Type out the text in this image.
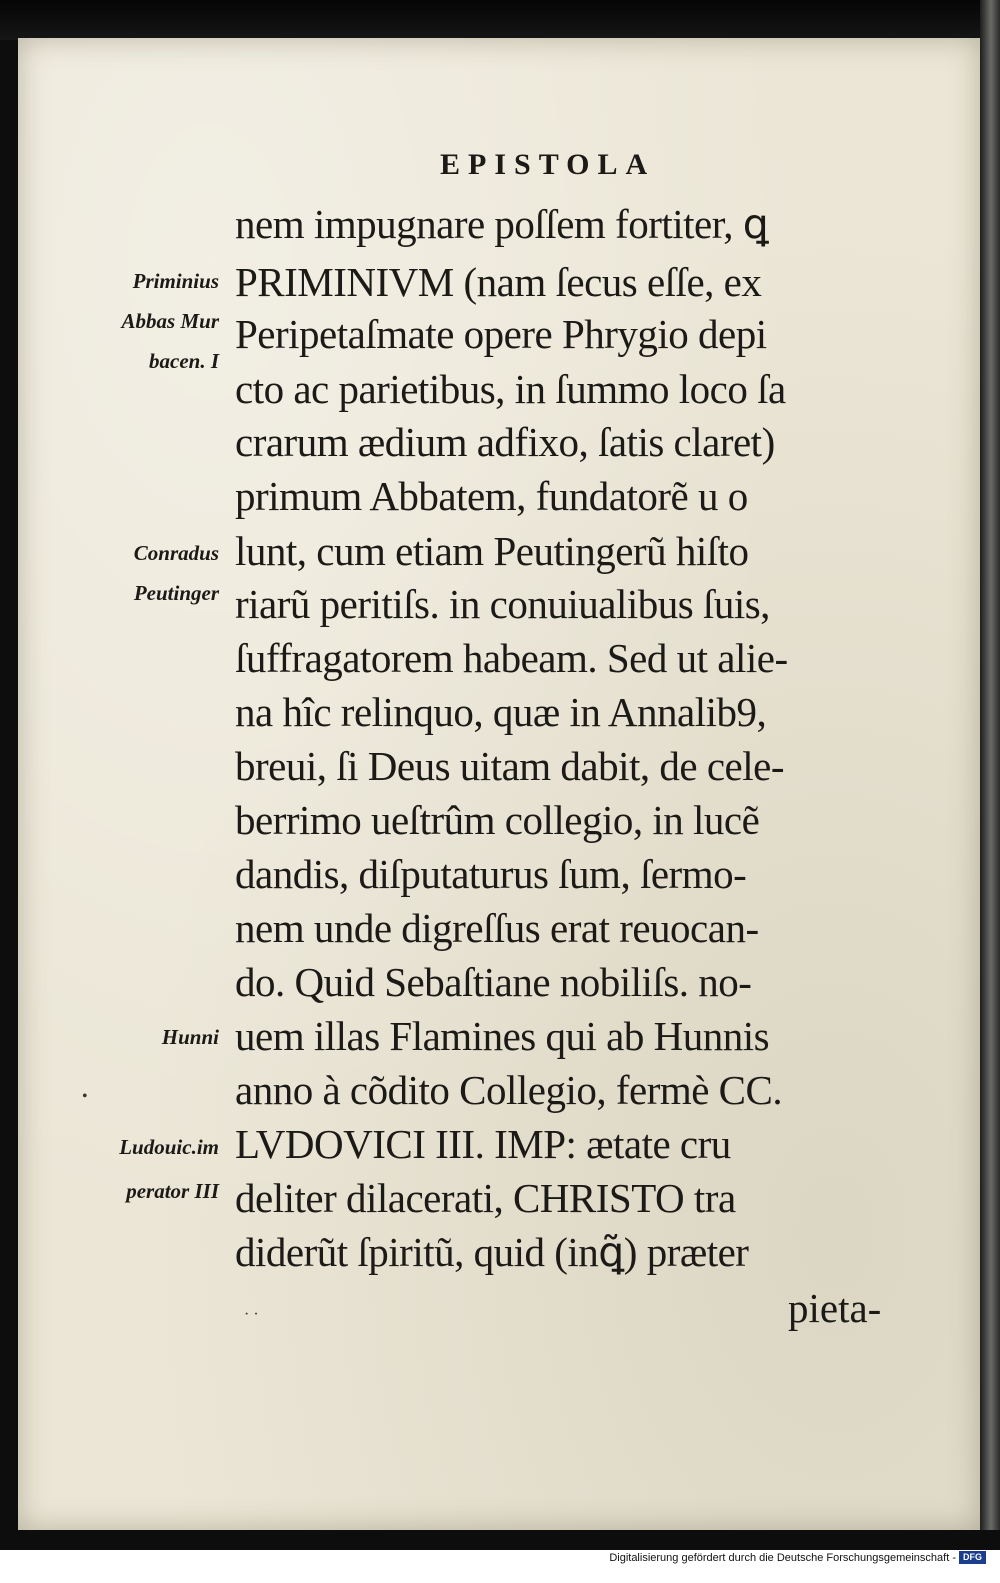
EPISTOLA
nem impugnare poſſem fortiter, ꝗ
PRIMINIVM (nam ſecus eſſe, ex
Peripetaſmate opere Phrygio depi
cto ac parietibus, in ſummo loco ſa
crarum ædium adfixo, ſatis claret)
primum Abbatem, fundatorẽ u o
lunt, cum etiam Peutingerũ hiſto
riarũ peritiſs. in conuiualibus ſuis,
ſuffragatorem habeam. Sed ut alie-
na hîc relinquo, quæ in Annalib9,
breui, ſi Deus uitam dabit, de cele-
berrimo ueſtrûm collegio, in lucẽ
dandis, diſputaturus ſum, ſermo-
nem unde digreſſus erat reuocan-
do. Quid Sebaſtiane nobiliſs. no-
uem illas Flamines qui ab Hunnis
anno à cõdito Collegio, fermè CC.
LVDOVICI III. IMP: ætate cru
deliter dilacerati, CHRISTO tra
diderũt ſpiritũ, quid (inꝗ̃) præter
pieta-
Priminius
Abbas Mur
bacen. I
Conradus
Peutinger
Hunni
Ludouic.im
perator III
•
· ·
Digitalisierung gefördert durch die Deutsche Forschungsgemeinschaft - DFG
